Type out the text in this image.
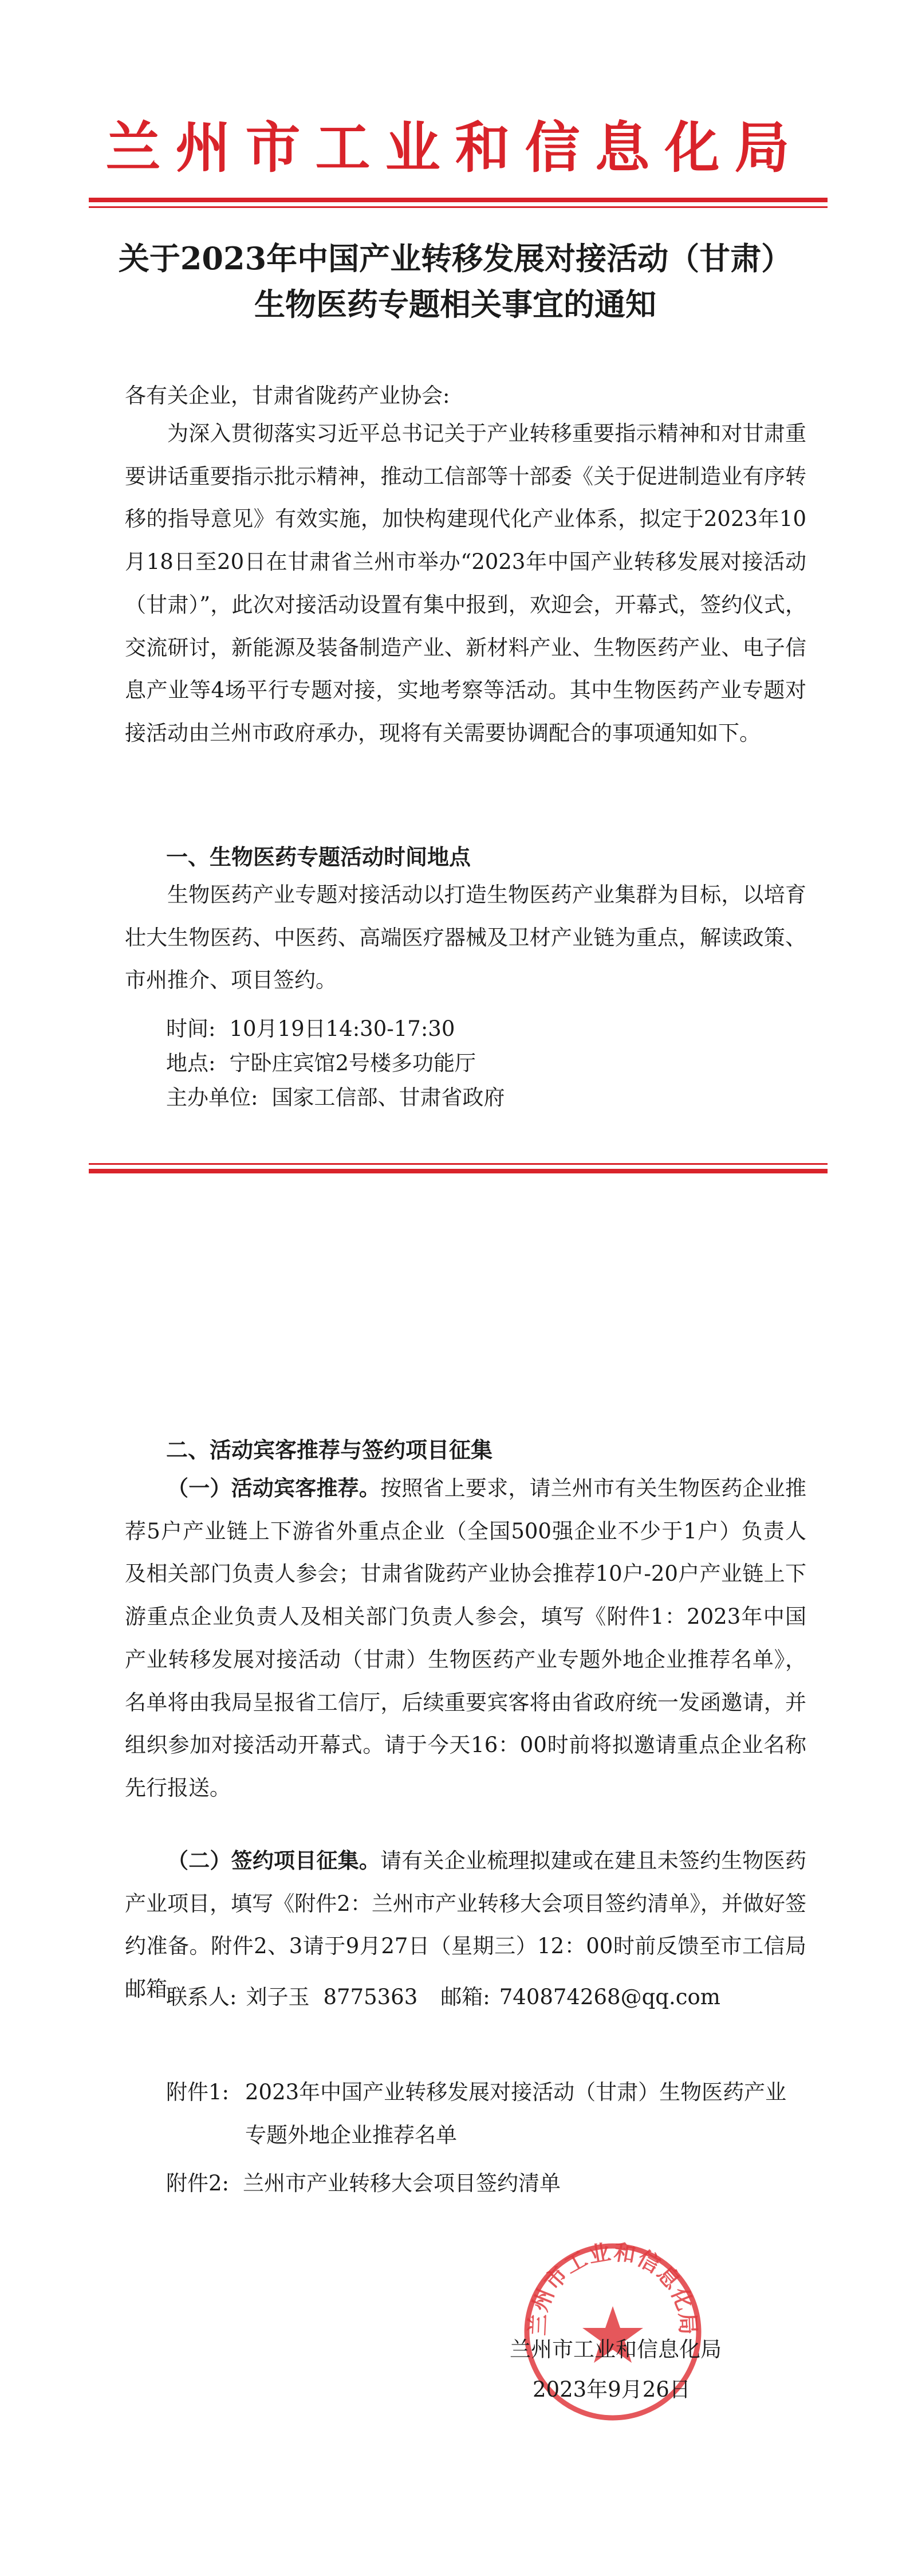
兰州市工业和信息化局
关于2023年中国产业转移发展对接活动（甘肃）
生物医药专题相关事宜的通知
各有关企业，甘肃省陇药产业协会:
为深入贯彻落实习近平总书记关于产业转移重要指示精神和对甘肃重要讲话重要指示批示精神，推动工信部等十部委《关于促进制造业有序转移的指导意见》有效实施，加快构建现代化产业体系，拟定于2023年10月18日至20日在甘肃省兰州市举办“2023年中国产业转移发展对接活动（甘肃）”，此次对接活动设置有集中报到，欢迎会，开幕式，签约仪式，交流研讨，新能源及装备制造产业、新材料产业、生物医药产业、电子信息产业等4场平行专题对接，实地考察等活动。其中生物医药产业专题对接活动由兰州市政府承办，现将有关需要协调配合的事项通知如下。
一、生物医药专题活动时间地点
生物医药产业专题对接活动以打造生物医药产业集群为目标，以培育壮大生物医药、中医药、高端医疗器械及卫材产业链为重点，解读政策、市州推介、项目签约。
时间: 10月19日14:30-17:30
地点: 宁卧庄宾馆2号楼多功能厅
主办单位: 国家工信部、甘肃省政府
二、活动宾客推荐与签约项目征集
（一）活动宾客推荐。按照省上要求，请兰州市有关生物医药企业推荐5户产业链上下游省外重点企业（全国500强企业不少于1户）负责人及相关部门负责人参会；甘肃省陇药产业协会推荐10户-20户产业链上下游重点企业负责人及相关部门负责人参会，填写《附件1：2023年中国产业转移发展对接活动（甘肃）生物医药产业专题外地企业推荐名单》，名单将由我局呈报省工信厅，后续重要宾客将由省政府统一发函邀请，并组织参加对接活动开幕式。请于今天16：00时前将拟邀请重点企业名称先行报送。
（二）签约项目征集。请有关企业梳理拟建或在建且未签约生物医药产业项目，填写《附件2：兰州市产业转移大会项目签约清单》，并做好签约准备。附件2、3请于9月27日（星期三）12：00时前反馈至市工信局邮箱。
联系人: 刘子玉 8775363 邮箱: 740874268@qq.com
附件1: 2023年中国产业转移发展对接活动（甘肃）生物医药产业专题外地企业推荐名单
附件2: 兰州市产业转移大会项目签约清单
兰州市工业和信息化局
兰州市工业和信息化局
2023年9月26日
